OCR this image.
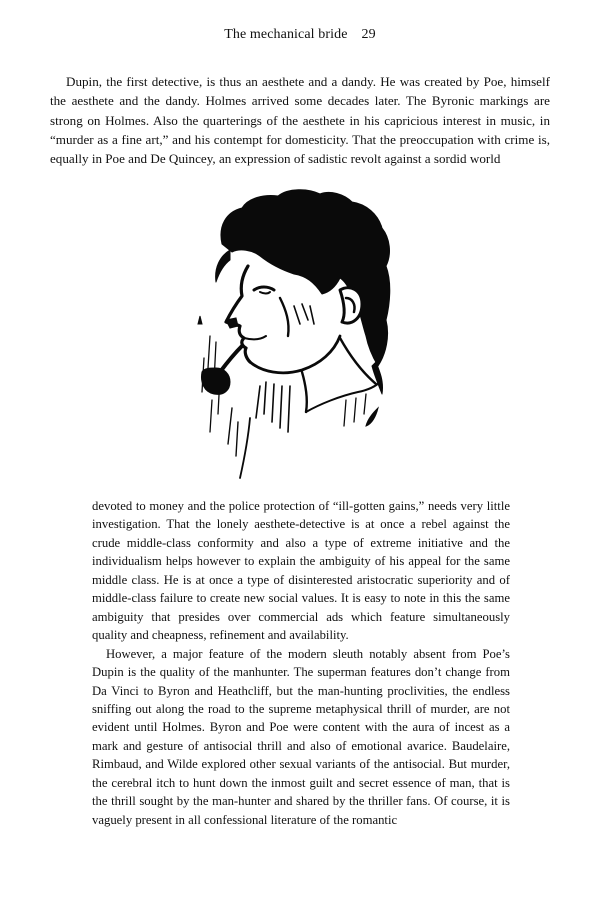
The mechanical bride 29

Dupin, the first detective, is thus an aesthete and a dandy. He was created by Poe, himself the aesthete and the dandy. Holmes arrived some decades later. The Byronic markings are strong on Holmes. Also the quarterings of the aesthete in his capricious interest in music, in “murder as a fine art,” and his contempt for domesticity. That the preoccupation with crime is, equally in Poe and De Quincey, an expression of sadistic revolt against a sordid world

devoted to money and the police protection of “ill-gotten gains,” needs very little investigation. That the lonely aesthete-detective is at once a rebel against the crude middle-class conformity and also a type of extreme initiative and the individualism helps however to explain the ambiguity of his appeal for the same middle class. He is at once a type of disinterested aristocratic superiority and of middle-class failure to create new social values. It is easy to note in this the same ambiguity that presides over commercial ads which feature simultaneously quality and cheapness, refinement and availability.

However, a major feature of the modern sleuth notably absent from Poe’s Dupin is the quality of the manhunter. The superman features don’t change from Da Vinci to Byron and Heathcliff, but the man-hunting proclivities, the endless sniffing out along the road to the supreme metaphysical thrill of murder, are not evident until Holmes. Byron and Poe were content with the aura of incest as a mark and gesture of antisocial thrill and also of emotional avarice. Baudelaire, Rimbaud, and Wilde explored other sexual variants of the antisocial. But murder, the cerebral itch to hunt down the inmost guilt and secret essence of man, that is the thrill sought by the man-hunter and shared by the thriller fans. Of course, it is vaguely present in all confessional literature of the romantic
